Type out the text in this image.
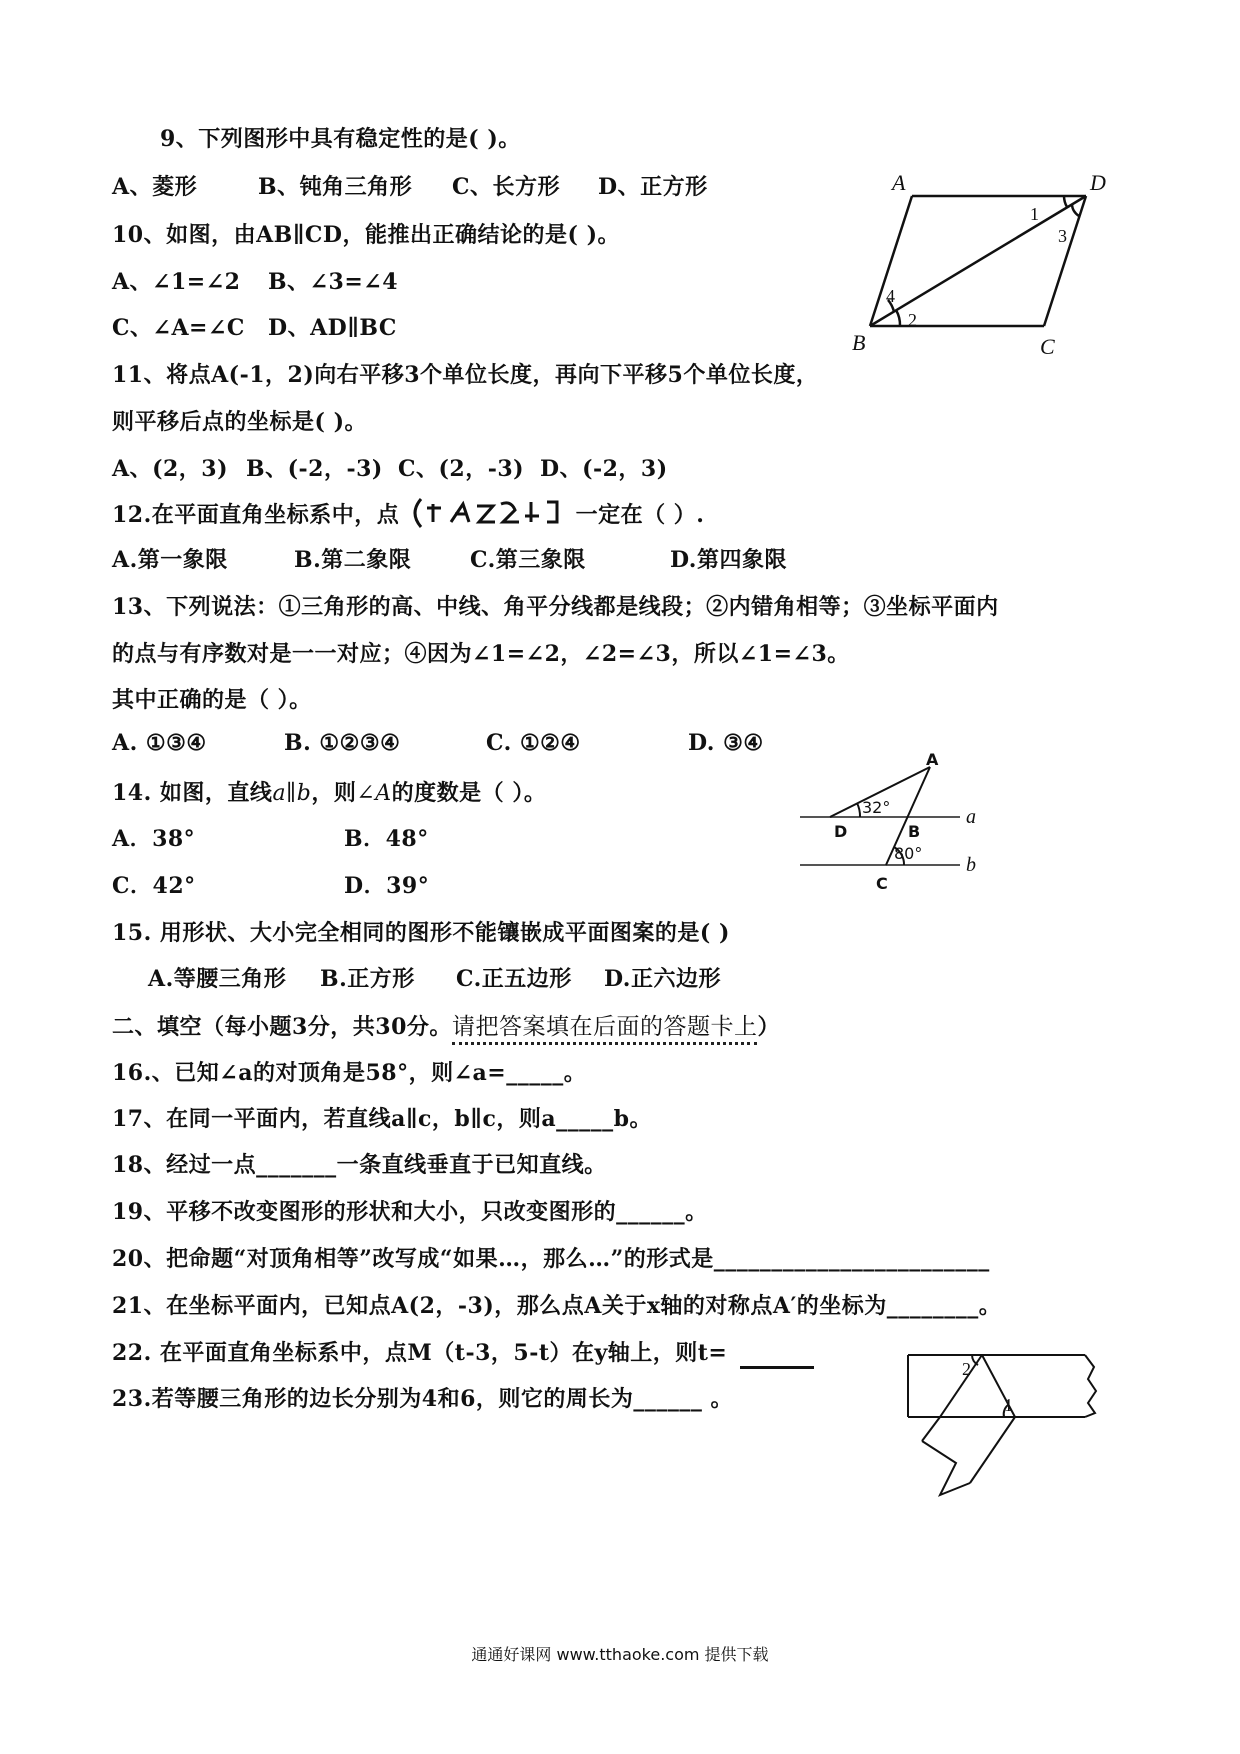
9、下列图形中具有稳定性的是( )。
A、菱形	B、钝角三角形 C、长方形 D、正方形
10、如图，由AB∥CD，能推出正确结论的是( )。
A、∠1=∠2 B、∠3=∠4
C、∠A=∠C D、AD∥BC
A	D
B	C
1
2
3
4
11、将点A(-1，2)向右平移3个单位长度，再向下平移5个单位长度，
则平移后点的坐标是( )。
A、(2，3) B、(-2，-3) C、(2，-3) D、(-2，3)
12.在平面直角坐标系中，点	一定在（ ）.
A.第一象限	B.第二象限	C.第三象限	D.第四象限
13、下列说法：①三角形的高、中线、角平分线都是线段；②内错角相等；③坐标平面内
的点与有序数对是一一对应；④因为∠1=∠2，∠2=∠3，所以∠1=∠3。
其中正确的是（ ）。
A. ①③④	B. ①②③④	C. ①②④	D. ③④
14. 如图，直线a∥b，则∠A的度数是（ ）。
A．38°	B．48°
C．42°	D．39°
A
D	B
C
a
b
32°
80°
15. 用形状、大小完全相同的图形不能镶嵌成平面图案的是( )
A.等腰三角形 B.正方形 C.正五边形 D.正六边形
二、填空（每小题3分，共30分。请把答案填在后面的答题卡上）
16.、已知∠a的对顶角是58°，则∠a=_____。
17、在同一平面内，若直线a∥c，b∥c，则a_____b。
18、经过一点_______一条直线垂直于已知直线。
19、平移不改变图形的形状和大小，只改变图形的______。
20、把命题“对顶角相等”改写成“如果…，那么…”的形式是________________________
21、在坐标平面内，已知点A(2，-3)，那么点A关于x轴的对称点A′的坐标为________。
22. 在平面直角坐标系中，点M（t-3，5-t）在y轴上，则t=
23.若等腰三角形的边长分别为4和6，则它的周长为______ 。
2
1
通通好课网 www.tthaoke.com 提供下载
